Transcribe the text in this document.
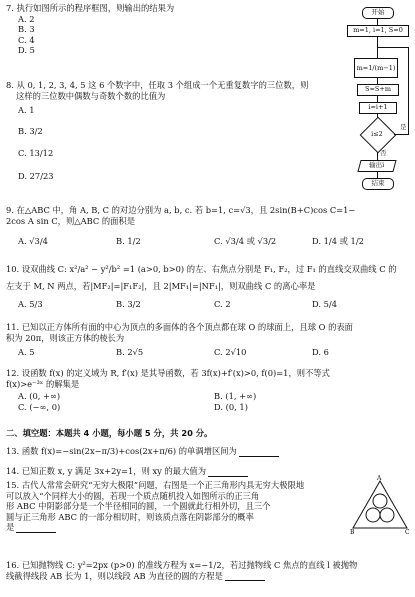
7. 执行如图所示的程序框图，则输出的结果为

A. 2

B. 3

C. 4

D. 5

8. 从 0, 1, 2, 3, 4, 5 这 6 个数字中，任取 3 个组成一个无重复数字的三位数，则

这样的三位数中偶数与奇数个数的比值为

A. 1

B. 3/2

C. 13/12

D. 27/23

开始
m=1, i=1, S=0
m=1/(m−1)
S=S+m
i=i+1
i≤2
是
否
输出i
结束

9. 在△ABC 中，角 A, B, C 的对边分别为 a, b, c. 若 b=1, c=√3，且 2sin(B+C)cos C=1−

2cos A sin C，则△ABC 的面积是

A. √3/4	B. 1/2	C. √3/4 或 √3/2	D. 1/4 或 1/2

10. 设双曲线 C: x²/a² − y²/b² =1 (a>0, b>0) 的左、右焦点分别是 F₁, F₂，过 F₁ 的直线交双曲线 C 的

左支于 M, N 两点，若|MF₂|=|F₁F₂|，且 2|MF₁|=|NF₁|，则双曲线 C 的离心率是

A. 5/3	B. 3/2	C. 2	D. 5/4

11. 已知以正方体所有面的中心为顶点的多面体的各个顶点都在球 O 的球面上，且球 O 的表面

积为 20π，则该正方体的棱长为

A. 5	B. 2√5	C. 2√10	D. 6

12. 设函数 f(x) 的定义域为 R, f′(x) 是其导函数，若 3f(x)+f′(x)>0, f(0)=1，则不等式

f(x)>e⁻³ˣ 的解集是

A. (0, +∞)	B. (1, +∞)
C. (−∞, 0)	D. (0, 1)
二、填空题：本题共 4 小题，每小题 5 分，共 20 分。
13. 函数 f(x)=−sin(2x−π/3)+cos(2x+π/6) 的单调增区间为
14. 已知正数 x, y 满足 3x+2y=1，则 xy 的最大值为

15. 古代人常常会研究“无穷大极限”问题，右图是一个正三角形内具无穷大极限地

可以放入“个同样大小的圆，若现一个质点随机投入如图所示的正三角

形 ABC 中阴影部分是一个半径相同的圆，一个圆就此行相外切，且三个

圆与正三角形 ABC 的一部分相切时，则该质点落在阴影部分的概率

是

A
B	C

16. 已知抛物线 C: y²=2px (p>0) 的准线方程为 x=−1/2，若过抛物线 C 焦点的直线 l 被抛物

线截得线段 AB 长为 1，则以线段 AB 为直径的圆的方程是
